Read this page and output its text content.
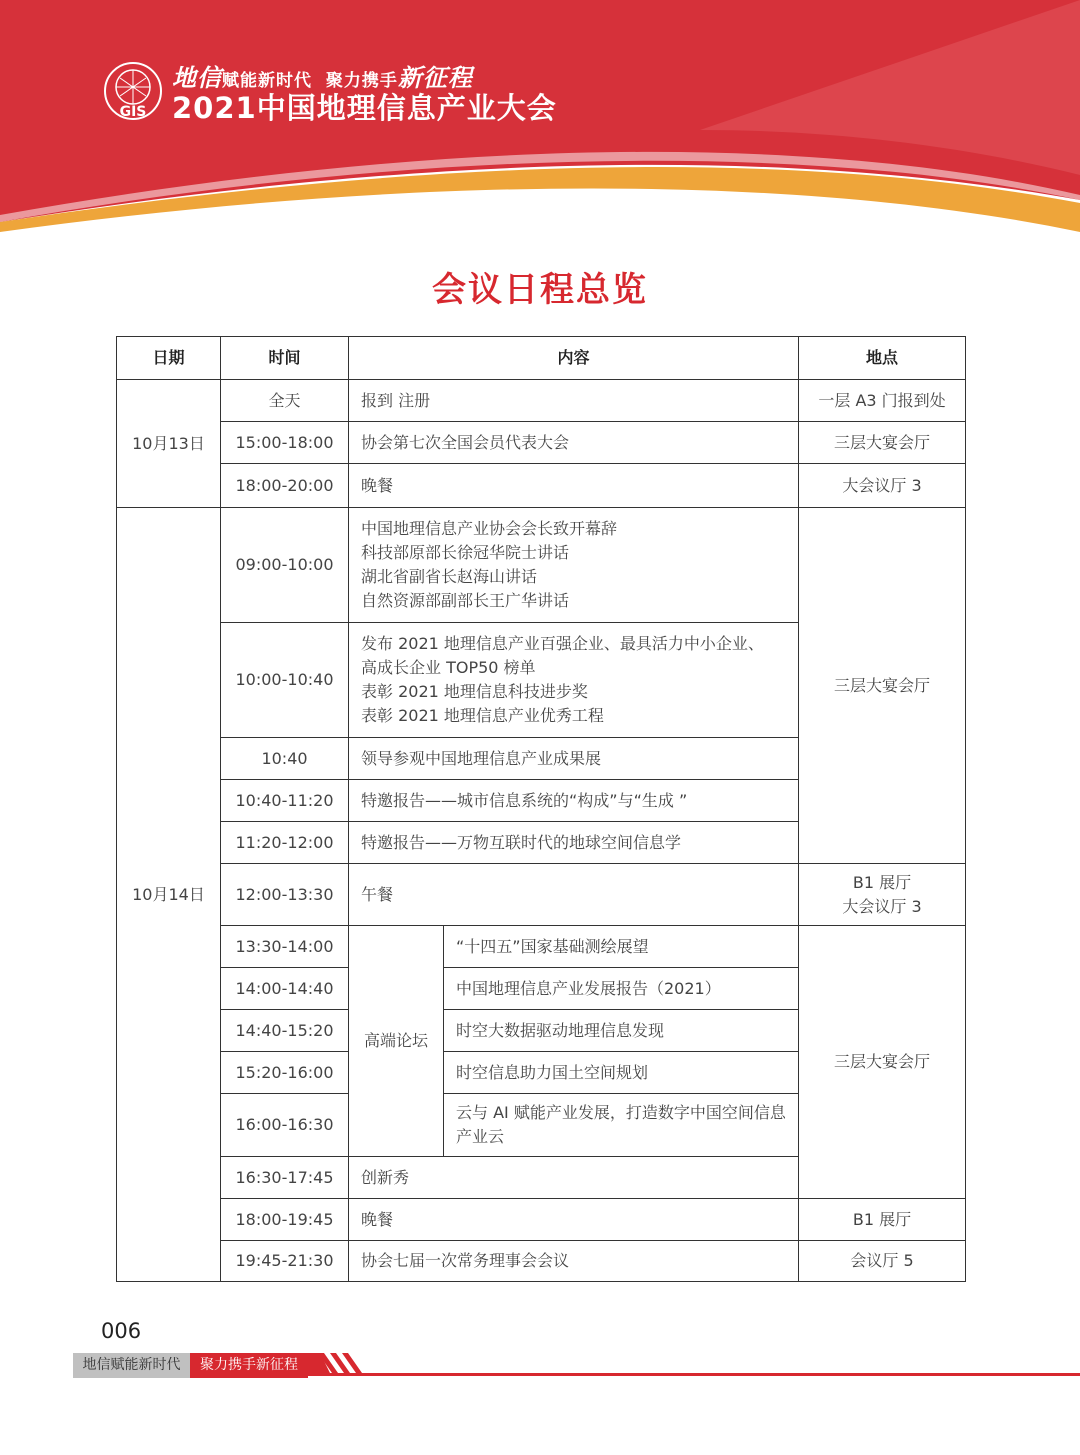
GIS
地信赋能新时代 聚力携手新征程
2021中国地理信息产业大会
会议日程总览
日期	时间	内容		地点
10月13日	全天	报到 注册		一层 A3 门报到处
	15:00-18:00	协会第七次全国会员代表大会		三层大宴会厅
	18:00-20:00	晚餐		大会议厅 3
10月14日	09:00-10:00	中国地理信息产业协会会长致开幕辞
科技部原部长徐冠华院士讲话
湖北省副省长赵海山讲话
自然资源部副部长王广华讲话		三层大宴会厅
	10:00-10:40	发布 2021 地理信息产业百强企业、最具活力中小企业、
高成长企业 TOP50 榜单
表彰 2021 地理信息科技进步奖
表彰 2021 地理信息产业优秀工程		

	10:40	领导参观中国地理信息产业成果展		
	10:40-11:20	特邀报告——城市信息系统的“构成”与“生成 ”		
	11:20-12:00	特邀报告——万物互联时代的地球空间信息学		
	12:00-13:30	午餐		B1 展厅
大会议厅 3

	13:30-14:00	高端论坛	“十四五”国家基础测绘展望	三层大宴会厅
	14:00-14:40		中国地理信息产业发展报告（2021）	
	14:40-15:20		时空大数据驱动地理信息发现	
	15:20-16:00		时空信息助力国土空间规划	
	16:00-16:30		云与 AI 赋能产业发展，打造数字中国空间信息产业云	
	16:30-17:45	创新秀		
	18:00-19:45	晚餐		B1 展厅
	19:45-21:30	协会七届一次常务理事会会议		会议厅 5
006
地信赋能新时代	聚力携手新征程
